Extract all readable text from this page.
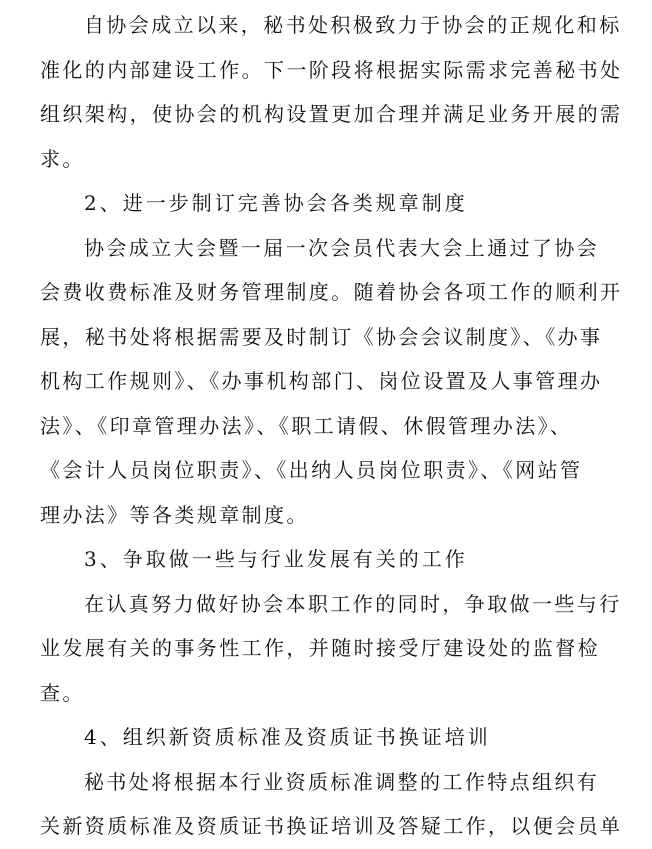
自协会成立以来，秘书处积极致力于协会的正规化和标
准化的内部建设工作。下一阶段将根据实际需求完善秘书处
组织架构，使协会的机构设置更加合理并满足业务开展的需
求。
2、进一步制订完善协会各类规章制度
协会成立大会暨一届一次会员代表大会上通过了协会
会费收费标准及财务管理制度。随着协会各项工作的顺利开
展，秘书处将根据需要及时制订《协会会议制度》、《办事
机构工作规则》、《办事机构部门、岗位设置及人事管理办
法》、《印章管理办法》、《职工请假、休假管理办法》、
《会计人员岗位职责》、《出纳人员岗位职责》、《网站管
理办法》等各类规章制度。
3、争取做一些与行业发展有关的工作
在认真努力做好协会本职工作的同时，争取做一些与行
业发展有关的事务性工作，并随时接受厅建设处的监督检
查。
4、组织新资质标准及资质证书换证培训
秘书处将根据本行业资质标准调整的工作特点组织有
关新资质标准及资质证书换证培训及答疑工作，以便会员单
